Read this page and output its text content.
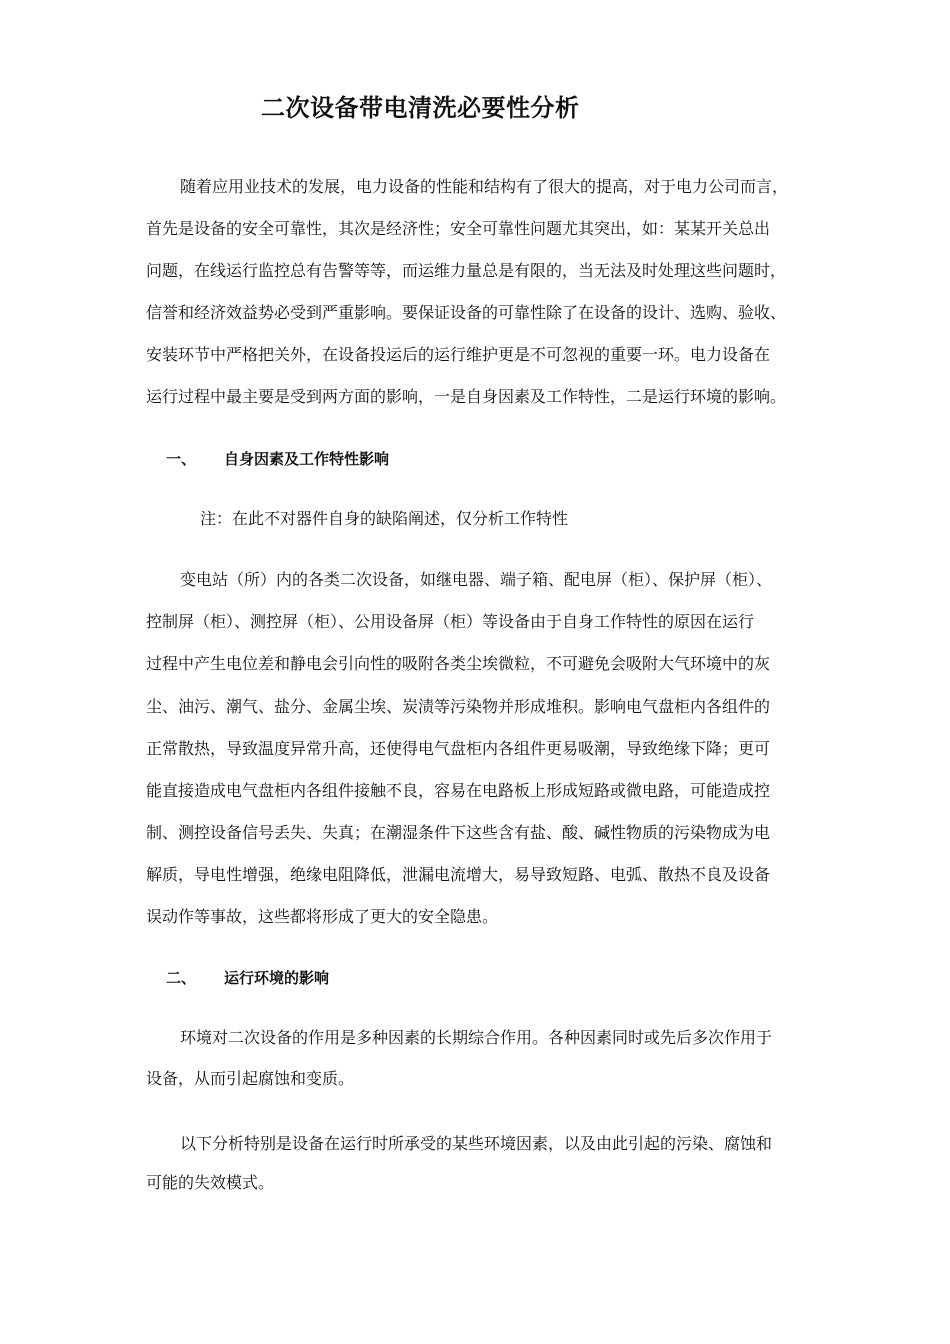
二次设备带电清洗必要性分析
随着应用业技术的发展，电力设备的性能和结构有了很大的提高，对于电力公司而言，
首先是设备的安全可靠性，其次是经济性；安全可靠性问题尤其突出，如：某某开关总出
问题，在线运行监控总有告警等等，而运维力量总是有限的，当无法及时处理这些问题时，
信誉和经济效益势必受到严重影响。要保证设备的可靠性除了在设备的设计、选购、验收、
安装环节中严格把关外，在设备投运后的运行维护更是不可忽视的重要一环。电力设备在
运行过程中最主要是受到两方面的影响，一是自身因素及工作特性，二是运行环境的影响。
一、 自身因素及工作特性影响
注：在此不对器件自身的缺陷阐述，仅分析工作特性
变电站（所）内的各类二次设备，如继电器、端子箱、配电屏（柜）、保护屏（柜）、
控制屏（柜）、测控屏（柜）、公用设备屏（柜）等设备由于自身工作特性的原因在运行
过程中产生电位差和静电会引向性的吸附各类尘埃微粒，不可避免会吸附大气环境中的灰
尘、油污、潮气、盐分、金属尘埃、炭渍等污染物并形成堆积。影响电气盘柜内各组件的
正常散热，导致温度异常升高，还使得电气盘柜内各组件更易吸潮，导致绝缘下降；更可
能直接造成电气盘柜内各组件接触不良，容易在电路板上形成短路或微电路，可能造成控
制、测控设备信号丢失、失真；在潮湿条件下这些含有盐、酸、碱性物质的污染物成为电
解质，导电性增强，绝缘电阻降低，泄漏电流增大，易导致短路、电弧、散热不良及设备
误动作等事故，这些都将形成了更大的安全隐患。
二、 运行环境的影响
环境对二次设备的作用是多种因素的长期综合作用。各种因素同时或先后多次作用于
设备，从而引起腐蚀和变质。
以下分析特别是设备在运行时所承受的某些环境因素，以及由此引起的污染、腐蚀和
可能的失效模式。
